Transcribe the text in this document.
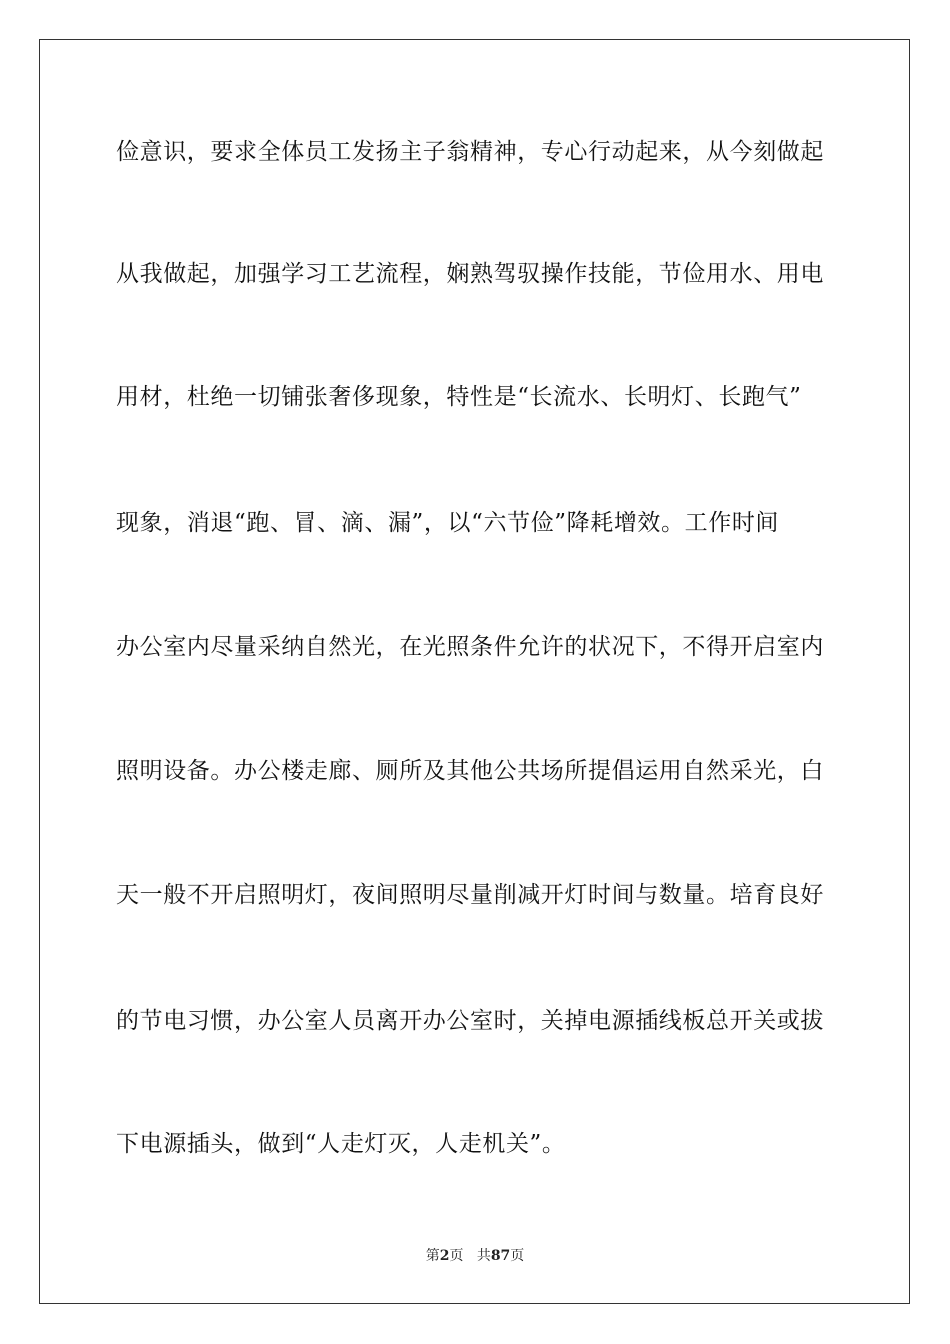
俭意识，要求全体员工发扬主子翁精神，专心行动起来，从今刻做起
从我做起，加强学习工艺流程，娴熟驾驭操作技能，节俭用水、用电
用材，杜绝一切铺张奢侈现象，特性是“长流水、长明灯、长跑气”
现象，消退“跑、冒、滴、漏”，以“六节俭”降耗增效。工作时间
办公室内尽量采纳自然光，在光照条件允许的状况下，不得开启室内
照明设备。办公楼走廊、厕所及其他公共场所提倡运用自然采光，白
天一般不开启照明灯，夜间照明尽量削减开灯时间与数量。培育良好
的节电习惯，办公室人员离开办公室时，关掉电源插线板总开关或拔
下电源插头，做到“人走灯灭，人走机关”。
第2页 共87页
